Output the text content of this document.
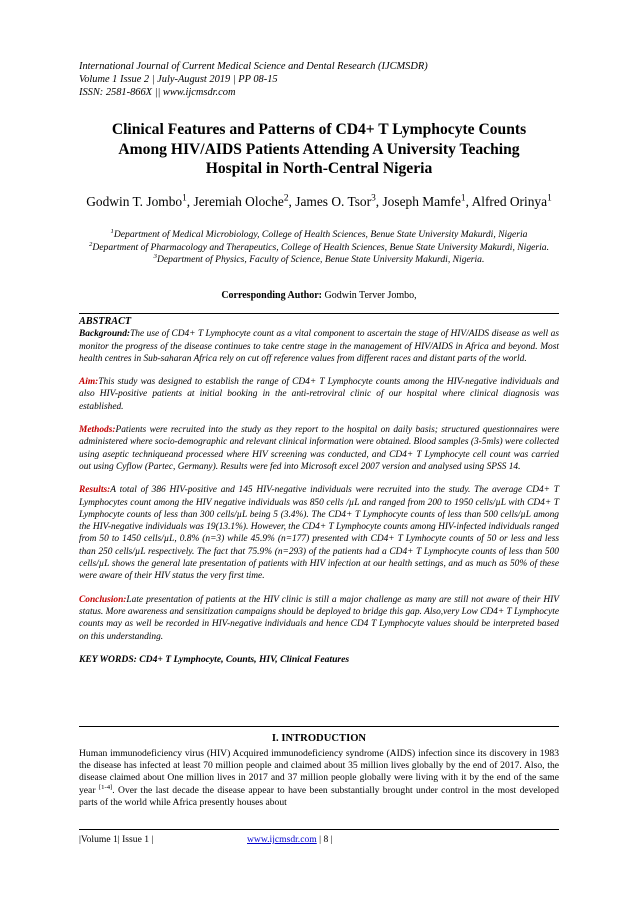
International Journal of Current Medical Science and Dental Research (IJCMSDR)
Volume 1 Issue 2 | July-August 2019 | PP 08-15
ISSN: 2581-866X || www.ijcmsdr.com
Clinical Features and Patterns of CD4+ T Lymphocyte Counts
Among HIV/AIDS Patients Attending A University Teaching
Hospital in North-Central Nigeria
Godwin T. Jombo$^1$, Jeremiah Oloche$^2$, James O. Tsor$^3$, Joseph Mamfe$^1$, Alfred Orinya$^1$
$^1$Department of Medical Microbiology, College of Health Sciences, Benue State University Makurdi, Nigeria
$^2$Department of Pharmacology and Therapeutics, College of Health Sciences, Benue State University Makurdi, Nigeria.
$^3$Department of Physics, Faculty of Science, Benue State University Makurdi, Nigeria.
Corresponding Author: Godwin Terver Jombo,
ABSTRACT

Background:The use of CD4+ T Lymphocyte count as a vital component to ascertain the stage of HIV/AIDS disease as well as monitor the progress of the disease continues to take centre stage in the management of HIV/AIDS in Africa and beyond. Most health centres in Sub-saharan Africa rely on cut off reference values from different races and distant parts of the world.

Aim:This study was designed to establish the range of CD4+ T Lymphocyte counts among the HIV-negative individuals and also HIV-positive patients at initial booking in the anti-retroviral clinic of our hospital where clinical diagnosis was established.

Methods:Patients were recruited into the study as they report to the hospital on daily basis; structured questionnaires were administered where socio-demographic and relevant clinical information were obtained. Blood samples (3-5mls) were collected using aseptic techniqueand processed where HIV screening was conducted, and CD4+ T Lymphocyte cell count was carried out using Cyflow (Partec, Germany). Results were fed into Microsoft excel 2007 version and analysed using SPSS 14.

Results:A total of 386 HIV-positive and 145 HIV-negative individuals were recruited into the study. The average CD4+ T Lymphocytes count among the HIV negative individuals was 850 cells /µL and ranged from 200 to 1950 cells/µL with CD4+ T Lymphocyte counts of less than 300 cells/µL being 5 (3.4%). The CD4+ T Lymphocyte counts of less than 500 cells/µL among the HIV-negative individuals was 19(13.1%). However, the CD4+ T Lymphocyte counts among HIV-infected individuals ranged from 50 to 1450 cells/µL, 0.8% (n=3) while 45.9% (n=177) presented with CD4+ T Lymhocyte counts of 50 or less and less than 250 cells/µL respectively. The fact that 75.9% (n=293) of the patients had a CD4+ T Lymphocyte counts of less than 500 cells/µL shows the general late presentation of patients with HIV infection at our health settings, and as much as 50% of these were aware of their HIV status the very first time.

Conclusion:Late presentation of patients at the HIV clinic is still a major challenge as many are still not aware of their HIV status. More awareness and sensitization campaigns should be deployed to bridge this gap. Also,very Low CD4+ T Lymphocyte counts may as well be recorded in HIV-negative individuals and hence CD4 T Lymphocyte values should be interpreted based on this understanding.

KEY WORDS: CD4+ T Lymphocyte, Counts, HIV, Clinical Features
I. INTRODUCTION

Human immunodeficiency virus (HIV) Acquired immunodeficiency syndrome (AIDS) infection since its discovery in 1983 the disease has infected at least 70 million people and claimed about 35 million lives globally by the end of 2017. Also, the disease claimed about One million lives in 2017 and 37 million people globally were living with it by the end of the same year [1-4]. Over the last decade the disease appear to have been substantially brought under control in the most developed parts of the world while Africa presently houses about

|Volume 1| Issue 1 |	www.ijcmsdr.com | 8 |
